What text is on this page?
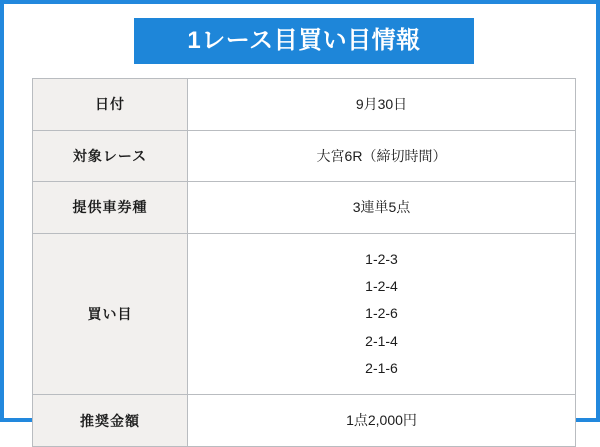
1レース目買い目情報
日付	9月30日
対象レース	大宮6R（締切時間）
提供車券種	3連単5点
買い目	1-2-3
1-2-4
1-2-6
2-1-4
2-1-6

推奨金額	1点2,000円
